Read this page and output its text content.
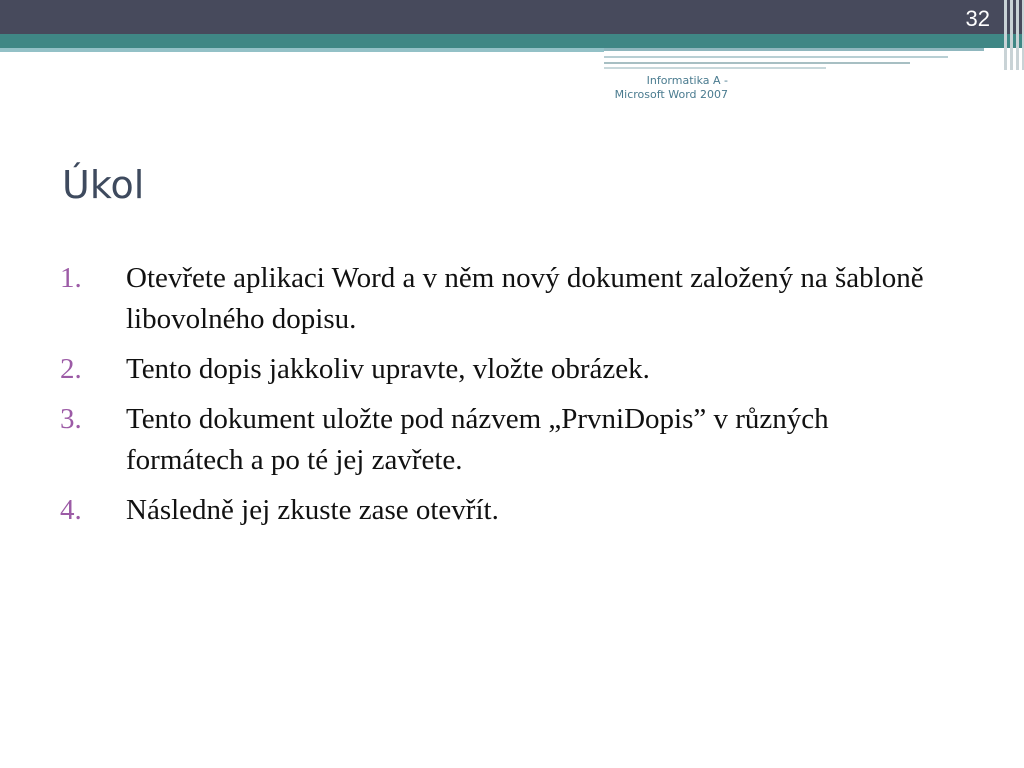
32
Informatika A -
Microsoft Word 2007
Úkol
1. Otevřete aplikaci Word a v něm nový dokument založený na šabloně libovolného dopisu.
2. Tento dopis jakkoliv upravte, vložte obrázek.
3. Tento dokument uložte pod názvem „PrvniDopis” v různých formátech a po té jej zavřete.
4. Následně jej zkuste zase otevřít.
